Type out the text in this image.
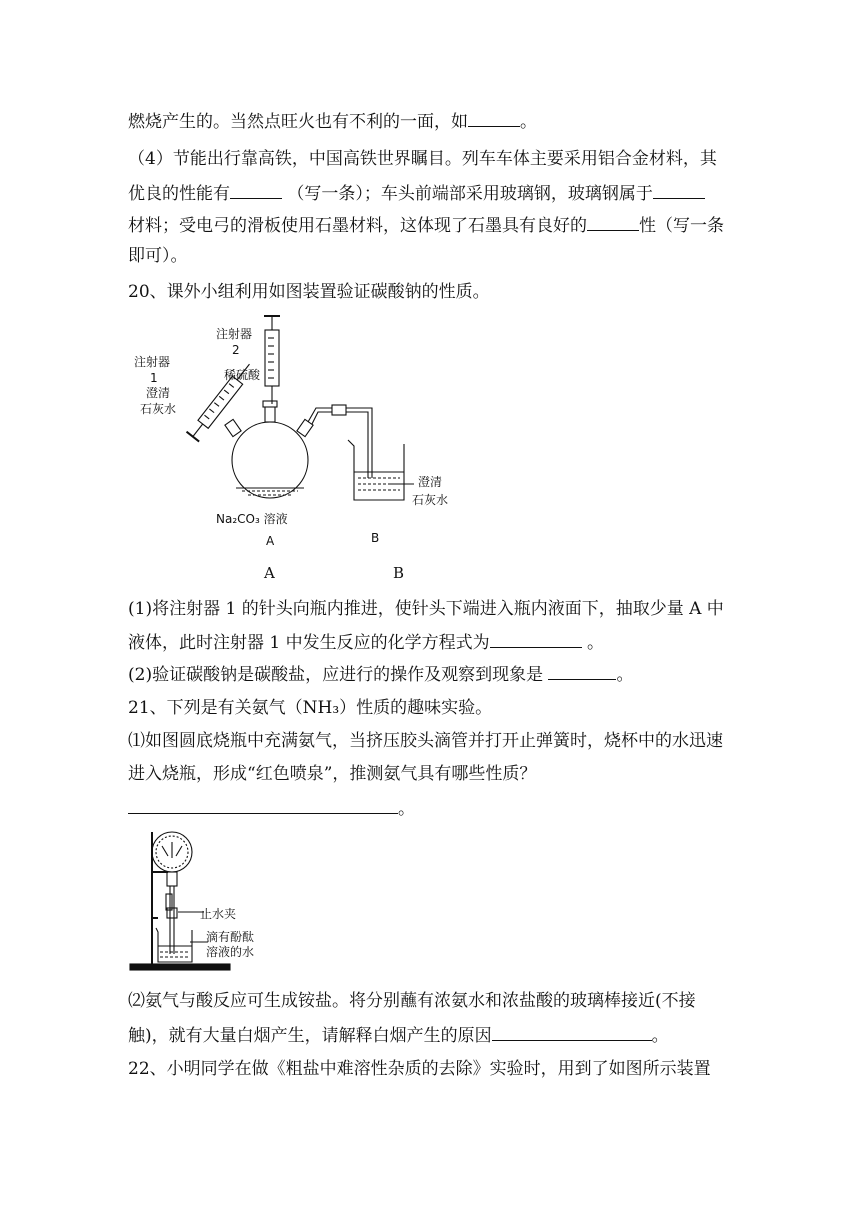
燃烧产生的。当然点旺火也有不利的一面，如	。
（4）节能出行靠高铁，中国高铁世界瞩目。列车车体主要采用铝合金材料，其
优良的性能有	（写一条）；车头前端部采用玻璃钢，玻璃钢属于
材料；受电弓的滑板使用石墨材料，这体现了石墨具有良好的	性（写一条
即可）。
20、课外小组利用如图装置验证碳酸钠的性质。
注射器
2
稀硫酸
注射器
1
澄清
石灰水
Na₂CO₃ 溶液
A	B
澄清
石灰水
A	B
(1)将注射器 1 的针头向瓶内推进，使针头下端进入瓶内液面下，抽取少量 A 中
液体，此时注射器 1 中发生反应的化学方程式为	。
(2)验证碳酸钠是碳酸盐，应进行的操作及观察到现象是	。
21、下列是有关氨气（NH₃）性质的趣味实验。
⑴如图圆底烧瓶中充满氨气，当挤压胶头滴管并打开止弹簧时，烧杯中的水迅速
进入烧瓶，形成“红色喷泉”，推测氨气具有哪些性质？
。
止水夹
滴有酚酞
溶液的水
⑵氨气与酸反应可生成铵盐。将分别蘸有浓氨水和浓盐酸的玻璃棒接近(不接
触)，就有大量白烟产生，请解释白烟产生的原因	。
22、小明同学在做《粗盐中难溶性杂质的去除》实验时，用到了如图所示装置
